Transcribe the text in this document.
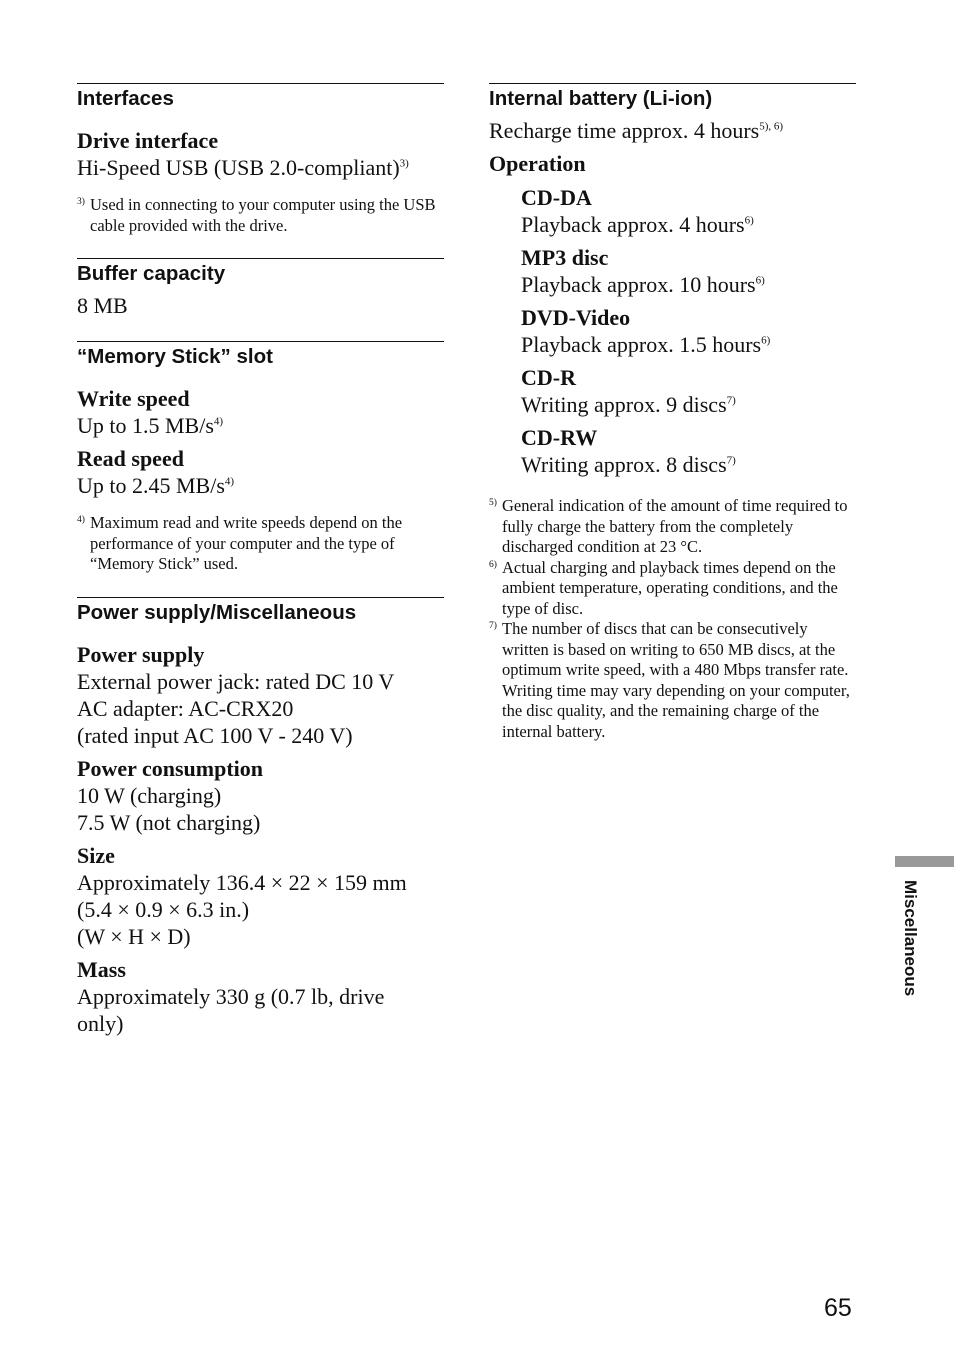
Interfaces
Drive interface
Hi-Speed USB (USB 2.0-compliant)$^{3)}$
3) Used in connecting to your computer using the USB cable provided with the drive.
Buffer capacity
8 MB
“Memory Stick” slot
Write speed
Up to 1.5 $MB/s^{4)}$
Read speed
Up to 2.45 $MB/s^{4)}$
4) Maximum read and write speeds depend on the performance of your computer and the type of “Memory Stick” used.
Power supply/Miscellaneous
Power supply
External power jack: rated DC 10 V
AC adapter: AC-CRX20
(rated input AC 100 V - 240 V)
Power consumption
10 W (charging)
7.5 W (not charging)
Size
Approximately 136.4 × 22 × 159 mm
(5.4 × 0.9 × 6.3 in.)
(W × H × D)
Mass
Approximately 330 g (0.7 lb, drive
only)
Internal battery (Li-ion)
Recharge time approx. 4 hours$^{5), 6)}$
Operation
CD-DA
Playback approx. 4 hours$^{6)}$
MP3 disc
Playback approx. 10 hours$^{6)}$
DVD-Video
Playback approx. 1.5 hours$^{6)}$
CD-R
Writing approx. 9 discs$^{7)}$
CD-RW
Writing approx. 8 discs$^{7)}$
5) General indication of the amount of time required to fully charge the battery from the completely discharged condition at 23 °C.
6) Actual charging and playback times depend on the ambient temperature, operating conditions, and the type of disc.
7) The number of discs that can be consecutively written is based on writing to 650 MB discs, at the optimum write speed, with a 480 Mbps transfer rate. Writing time may vary depending on your computer, the disc quality, and the remaining charge of the internal battery.
Miscellaneous
65
